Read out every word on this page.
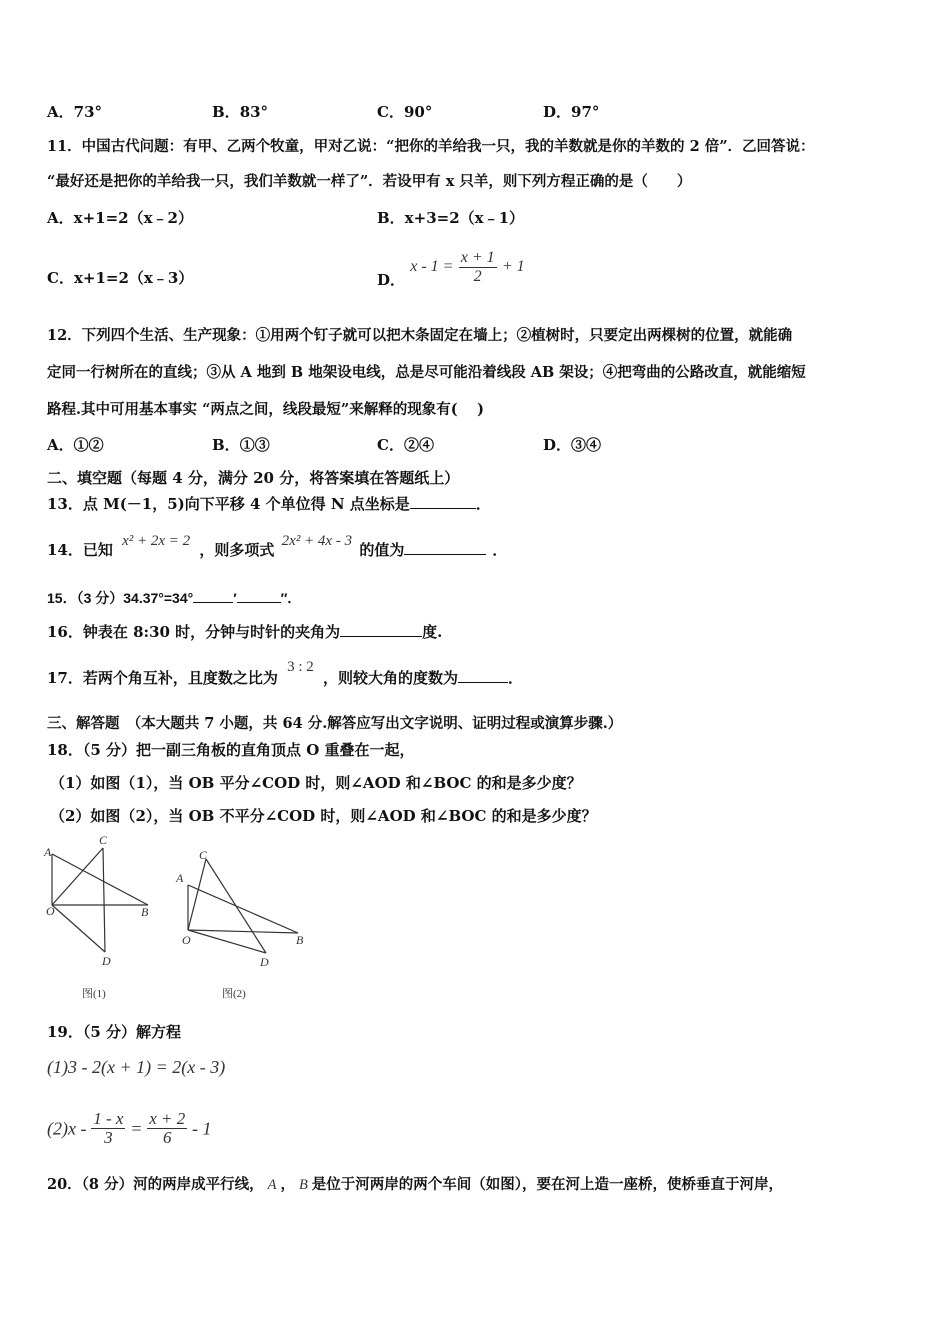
A．73°	B．83°	C．90°	D．97°
11．中国古代问题：有甲、乙两个牧童，甲对乙说：“把你的羊给我一只，我的羊数就是你的羊数的 2 倍”．乙回答说：
“最好还是把你的羊给我一只，我们羊数就一样了”．若设甲有 x 只羊，则下列方程正确的是（　　）
A．x+1=2（x﹣2）	B．x+3=2（x﹣1）
C．x+1=2（x﹣3）	D． $x - 1 = \frac{x + 1}{2} + 1$
12．下列四个生活、生产现象：①用两个钉子就可以把木条固定在墙上；②植树时，只要定出两棵树的位置，就能确
定同一行树所在的直线；③从 A 地到 B 地架设电线，总是尽可能沿着线段 AB 架设；④把弯曲的公路改直，就能缩短
路程.其中可用基本事实 “两点之间，线段最短”来解释的现象有(　 )
A．①②	B．①③	C．②④	D．③④
二、填空题（每题 4 分，满分 20 分，将答案填在答题纸上）
13．点 M(－1，5)向下平移 4 个单位得 N 点坐标是	．
14．已知 x² + 2x = 2 ，则多项式 2x² + 4x - 3 的值为	．
15．（3 分）34.37°=34°	′	″．
16．钟表在 8:30 时，分钟与时针的夹角为	度.
17．若两个角互补，且度数之比为 3 : 2 ，则较大角的度数为	．
三、解答题　（本大题共 7 小题，共 64 分.解答应写出文字说明、证明过程或演算步骤.）
18．（5 分）把一副三角板的直角顶点 O 重叠在一起，
（1）如图（1），当 OB 平分∠COD 时，则∠AOD 和∠BOC 的和是多少度？
（2）如图（2），当 OB 不平分∠COD 时，则∠AOD 和∠BOC 的和是多少度？
A
C
O	B
D
图(1)
A
C
O	B
D
图(2)
19．（5 分）解方程
(1)3 - 2(x + 1) = 2(x - 3)
$(2)x - \frac{1 - x}{3} = \frac{x + 2}{6} - 1$
20．（8 分）河的两岸成平行线， A ， B 是位于河两岸的两个车间（如图），要在河上造一座桥，使桥垂直于河岸，
